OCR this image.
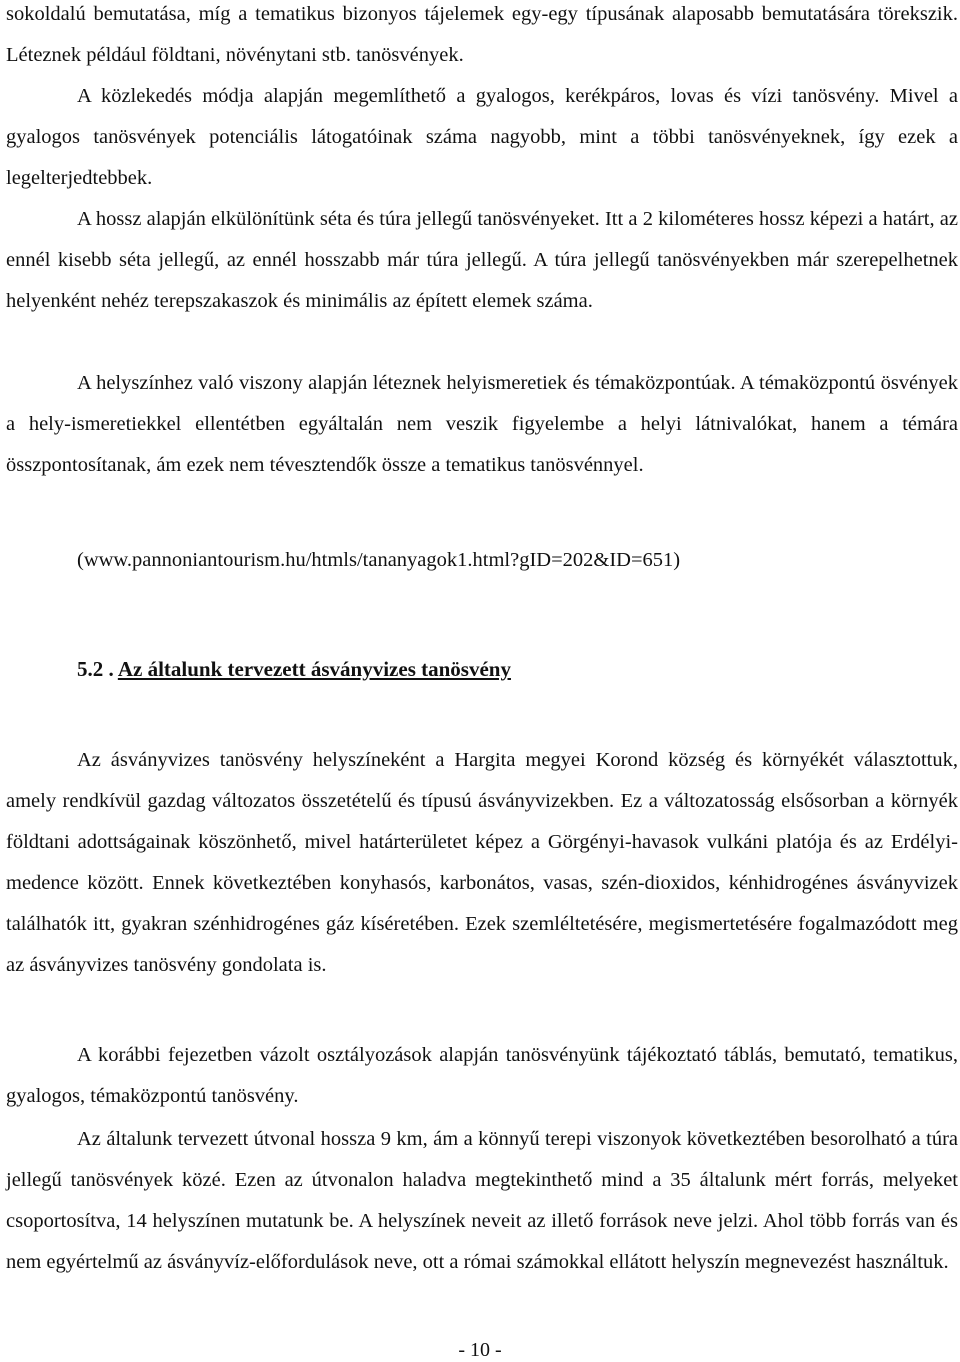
sokoldalú bemutatása, míg a tematikus bizonyos tájelemek egy-egy típusának alaposabb bemutatására törekszik. Léteznek például földtani, növénytani stb. tanösvények.

A közlekedés módja alapján megemlíthető a gyalogos, kerékpáros, lovas és vízi tanösvény. Mivel a gyalogos tanösvények potenciális látogatóinak száma nagyobb, mint a többi tanösvényeknek, így ezek a legelterjedtebbek.

A hossz alapján elkülönítünk séta és túra jellegű tanösvényeket. Itt a 2 kilométeres hossz képezi a határt, az ennél kisebb séta jellegű, az ennél hosszabb már túra jellegű. A túra jellegű tanösvényekben már szerepelhetnek helyenként nehéz terepszakaszok és minimális az épített elemek száma.

A helyszínhez való viszony alapján léteznek helyismeretiek és témaközpontúak. A témaközpontú ösvények a hely-ismeretiekkel ellentétben egyáltalán nem veszik figyelembe a helyi látnivalókat, hanem a témára összpontosítanak, ám ezek nem tévesztendők össze a tematikus tanösvénnyel.

(www.pannoniantourism.hu/htmls/tananyagok1.html?gID=202&ID=651)

5.2 . Az általunk tervezett ásványvizes tanösvény

Az ásványvizes tanösvény helyszíneként a Hargita megyei Korond község és környékét választottuk, amely rendkívül gazdag változatos összetételű és típusú ásványvizekben. Ez a változatosság elsősorban a környék földtani adottságainak köszönhető, mivel határterületet képez a Görgényi-havasok vulkáni platója és az Erdélyi-medence között. Ennek következtében konyhasós, karbonátos, vasas, szén-dioxidos, kénhidrogénes ásványvizek találhatók itt, gyakran szénhidrogénes gáz kíséretében. Ezek szemléltetésére, megismertetésére fogalmazódott meg az ásványvizes tanösvény gondolata is.

A korábbi fejezetben vázolt osztályozások alapján tanösvényünk tájékoztató táblás, bemutató, tematikus, gyalogos, témaközpontú tanösvény.

Az általunk tervezett útvonal hossza 9 km, ám a könnyű terepi viszonyok következtében besorolható a túra jellegű tanösvények közé. Ezen az útvonalon haladva megtekinthető mind a 35 általunk mért forrás, melyeket csoportosítva, 14 helyszínen mutatunk be. A helyszínek neveit az illető források neve jelzi. Ahol több forrás van és nem egyértelmű az ásványvíz-előfordulások neve, ott a római számokkal ellátott helyszín megnevezést használtuk.

- 10 -
